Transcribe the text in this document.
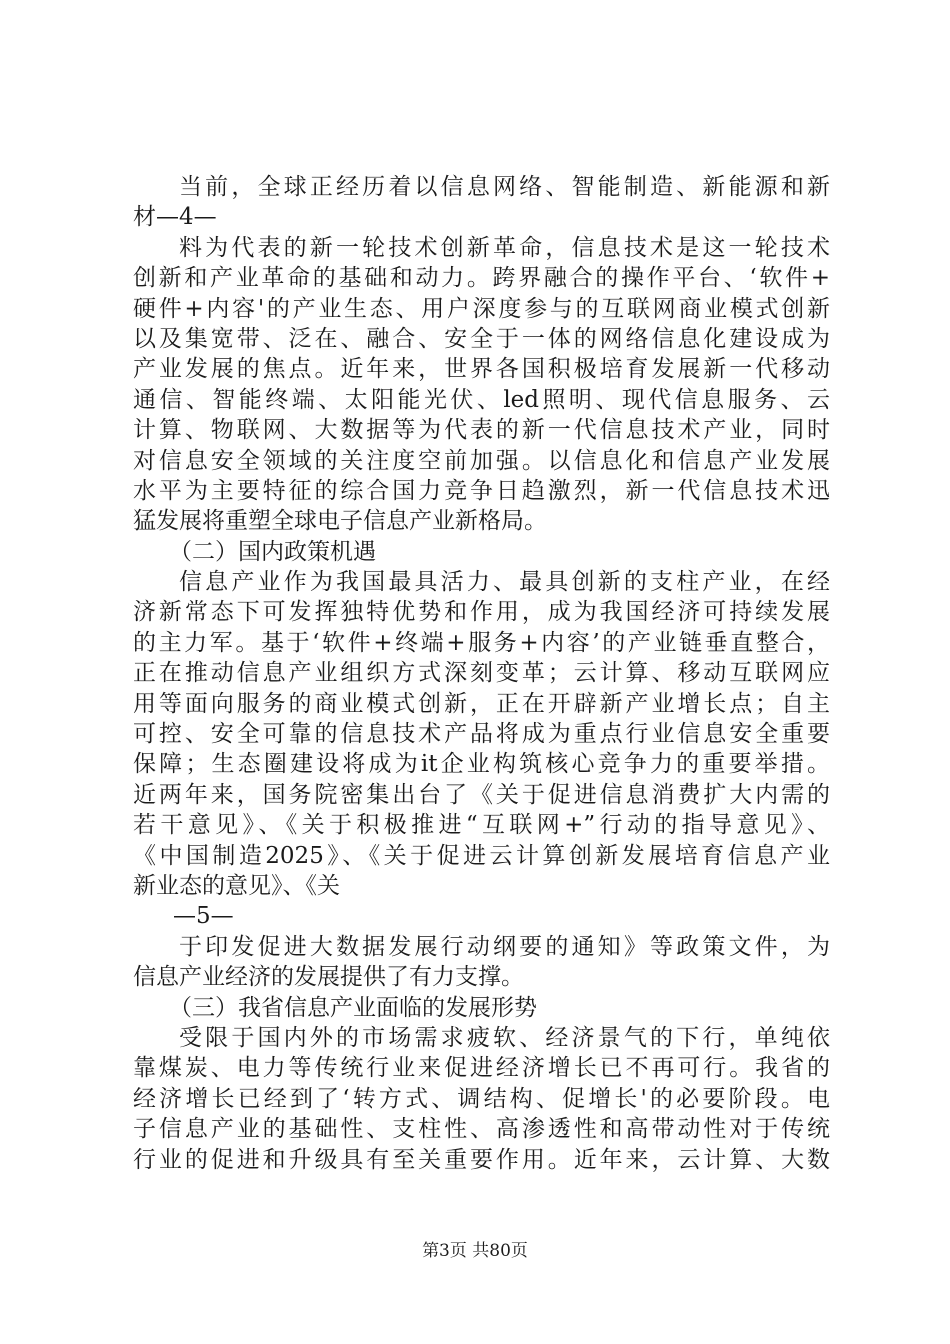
当前，全球正经历着以信息网络、智能制造、新能源和新
材—4—
料为代表的新一轮技术创新革命，信息技术是这一轮技术
创新和产业革命的基础和动力。跨界融合的操作平台、‘软件+
硬件+内容'的产业生态、用户深度参与的互联网商业模式创新
以及集宽带、泛在、融合、安全于一体的网络信息化建设成为
产业发展的焦点。近年来，世界各国积极培育发展新一代移动
通信、智能终端、太阳能光伏、led照明、现代信息服务、云
计算、物联网、大数据等为代表的新一代信息技术产业，同时
对信息安全领域的关注度空前加强。以信息化和信息产业发展
水平为主要特征的综合国力竞争日趋激烈，新一代信息技术迅
猛发展将重塑全球电子信息产业新格局。
（二）国内政策机遇
信息产业作为我国最具活力、最具创新的支柱产业，在经
济新常态下可发挥独特优势和作用，成为我国经济可持续发展
的主力军。基于‘软件+终端+服务+内容’的产业链垂直整合，
正在推动信息产业组织方式深刻变革；云计算、移动互联网应
用等面向服务的商业模式创新，正在开辟新产业增长点；自主
可控、安全可靠的信息技术产品将成为重点行业信息安全重要
保障；生态圈建设将成为it企业构筑核心竞争力的重要举措。
近两年来，国务院密集出台了《关于促进信息消费扩大内需的
若干意见》、《关于积极推进“互联网+”行动的指导意见》、
《中国制造2025》、《关于促进云计算创新发展培育信息产业
新业态的意见》、《关
—5—
于印发促进大数据发展行动纲要的通知》等政策文件，为
信息产业经济的发展提供了有力支撑。
（三）我省信息产业面临的发展形势
受限于国内外的市场需求疲软、经济景气的下行，单纯依
靠煤炭、电力等传统行业来促进经济增长已不再可行。我省的
经济增长已经到了‘转方式、调结构、促增长'的必要阶段。电
子信息产业的基础性、支柱性、高渗透性和高带动性对于传统
行业的促进和升级具有至关重要作用。近年来，云计算、大数
第3页 共80页
